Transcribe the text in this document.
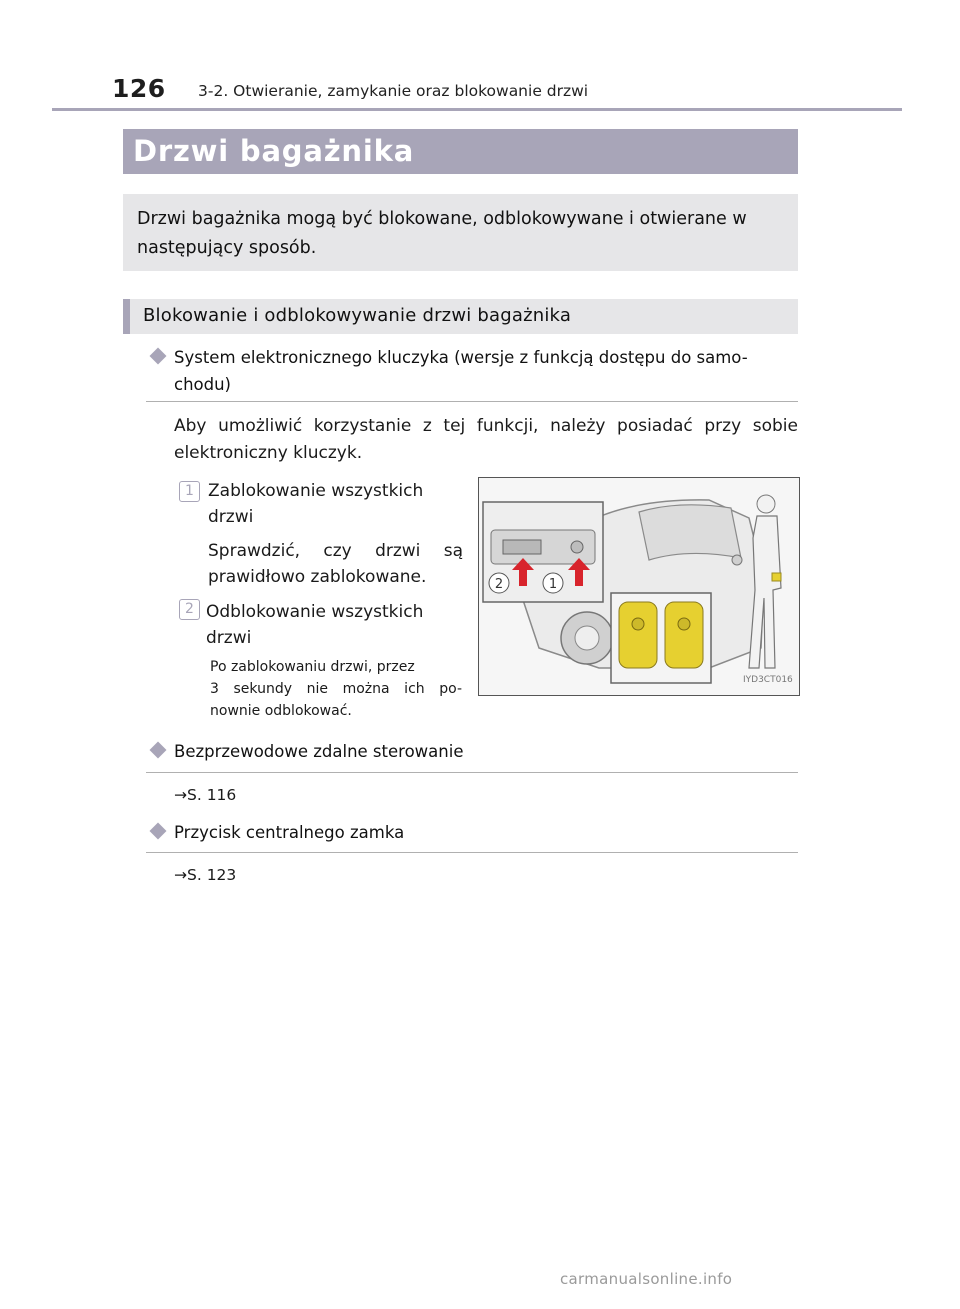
126 3-2. Otwieranie, zamykanie oraz blokowanie drzwi
Drzwi bagażnika
Drzwi bagażnika mogą być blokowane, odblokowywane i otwierane w następujący sposób.
Blokowanie i odblokowywanie drzwi bagażnika
System elektronicznego kluczyka (wersje z funkcją dostępu do samo-
chodu)
Aby umożliwić korzystanie z tej funkcji, należy posiadać przy sobie
elektroniczny kluczyk.
1 Zablokowanie wszystkich
drzwi
Sprawdzić, czy drzwi są
prawidłowo zablokowane.
2 Odblokowanie wszystkich
drzwi
Po zablokowaniu drzwi, przez
3 sekundy nie można ich po-
nownie odblokować.
2	1
IYD3CT016
Bezprzewodowe zdalne sterowanie
→S. 116
Przycisk centralnego zamka
→S. 123
carmanualsonline.info
